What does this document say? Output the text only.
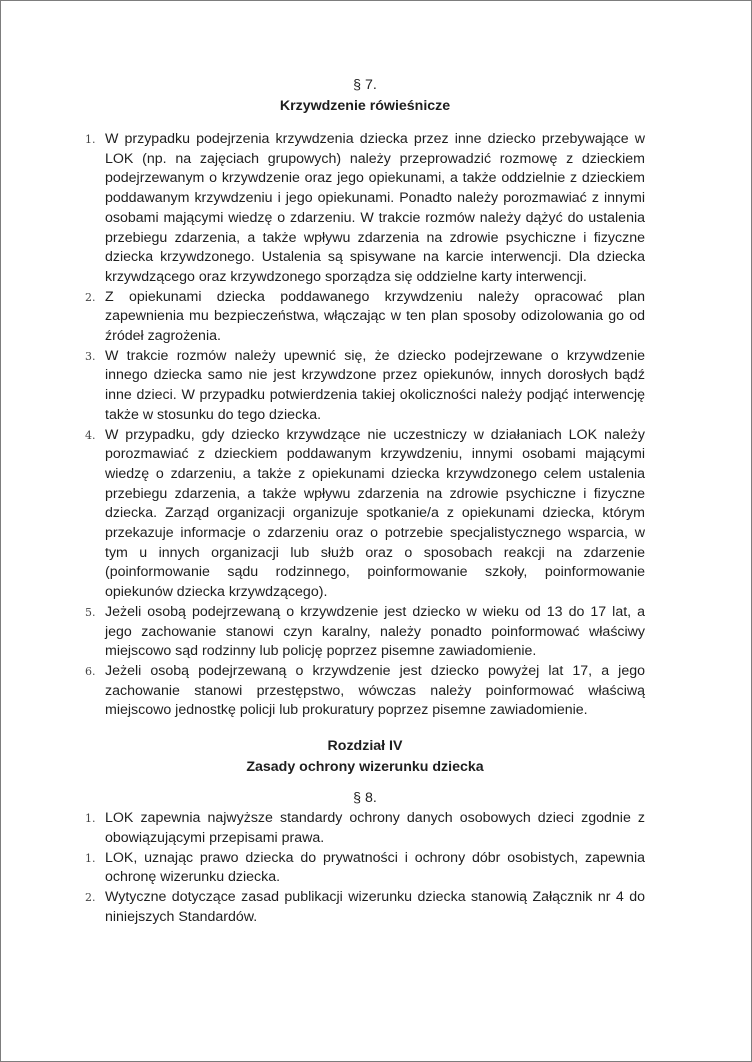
§ 7.
Krzywdzenie rówieśnicze
1. W przypadku podejrzenia krzywdzenia dziecka przez inne dziecko przebywające w LOK (np. na zajęciach grupowych) należy przeprowadzić rozmowę z dzieckiem podejrzewanym o krzywdzenie oraz jego opiekunami, a także oddzielnie z dzieckiem poddawanym krzywdzeniu i jego opiekunami. Ponadto należy porozmawiać z innymi osobami mającymi wiedzę o zdarzeniu. W trakcie rozmów należy dążyć do ustalenia przebiegu zdarzenia, a także wpływu zdarzenia na zdrowie psychiczne i fizyczne dziecka krzywdzonego. Ustalenia są spisywane na karcie interwencji. Dla dziecka krzywdzącego oraz krzywdzonego sporządza się oddzielne karty interwencji.
2. Z opiekunami dziecka poddawanego krzywdzeniu należy opracować plan zapewnienia mu bezpieczeństwa, włączając w ten plan sposoby odizolowania go od źródeł zagrożenia.
3. W trakcie rozmów należy upewnić się, że dziecko podejrzewane o krzywdzenie innego dziecka samo nie jest krzywdzone przez opiekunów, innych dorosłych bądź inne dzieci. W przypadku potwierdzenia takiej okoliczności należy podjąć interwencję także w stosunku do tego dziecka.
4. W przypadku, gdy dziecko krzywdzące nie uczestniczy w działaniach LOK należy porozmawiać z dzieckiem poddawanym krzywdzeniu, innymi osobami mającymi wiedzę o zdarzeniu, a także z opiekunami dziecka krzywdzonego celem ustalenia przebiegu zdarzenia, a także wpływu zdarzenia na zdrowie psychiczne i fizyczne dziecka. Zarząd organizacji organizuje spotkanie/a z opiekunami dziecka, którym przekazuje informacje o zdarzeniu oraz o potrzebie specjalistycznego wsparcia, w tym u innych organizacji lub służb oraz o sposobach reakcji na zdarzenie (poinformowanie sądu rodzinnego, poinformowanie szkoły, poinformowanie opiekunów dziecka krzywdzącego).
5. Jeżeli osobą podejrzewaną o krzywdzenie jest dziecko w wieku od 13 do 17 lat, a jego zachowanie stanowi czyn karalny, należy ponadto poinformować właściwy miejscowo sąd rodzinny lub policję poprzez pisemne zawiadomienie.
6. Jeżeli osobą podejrzewaną o krzywdzenie jest dziecko powyżej lat 17, a jego zachowanie stanowi przestępstwo, wówczas należy poinformować właściwą miejscowo jednostkę policji lub prokuratury poprzez pisemne zawiadomienie.
Rozdział IV
Zasady ochrony wizerunku dziecka
§ 8.
1. LOK zapewnia najwyższe standardy ochrony danych osobowych dzieci zgodnie z obowiązującymi przepisami prawa.
1. LOK, uznając prawo dziecka do prywatności i ochrony dóbr osobistych, zapewnia ochronę wizerunku dziecka.
2. Wytyczne dotyczące zasad publikacji wizerunku dziecka stanowią Załącznik nr 4 do niniejszych Standardów.
